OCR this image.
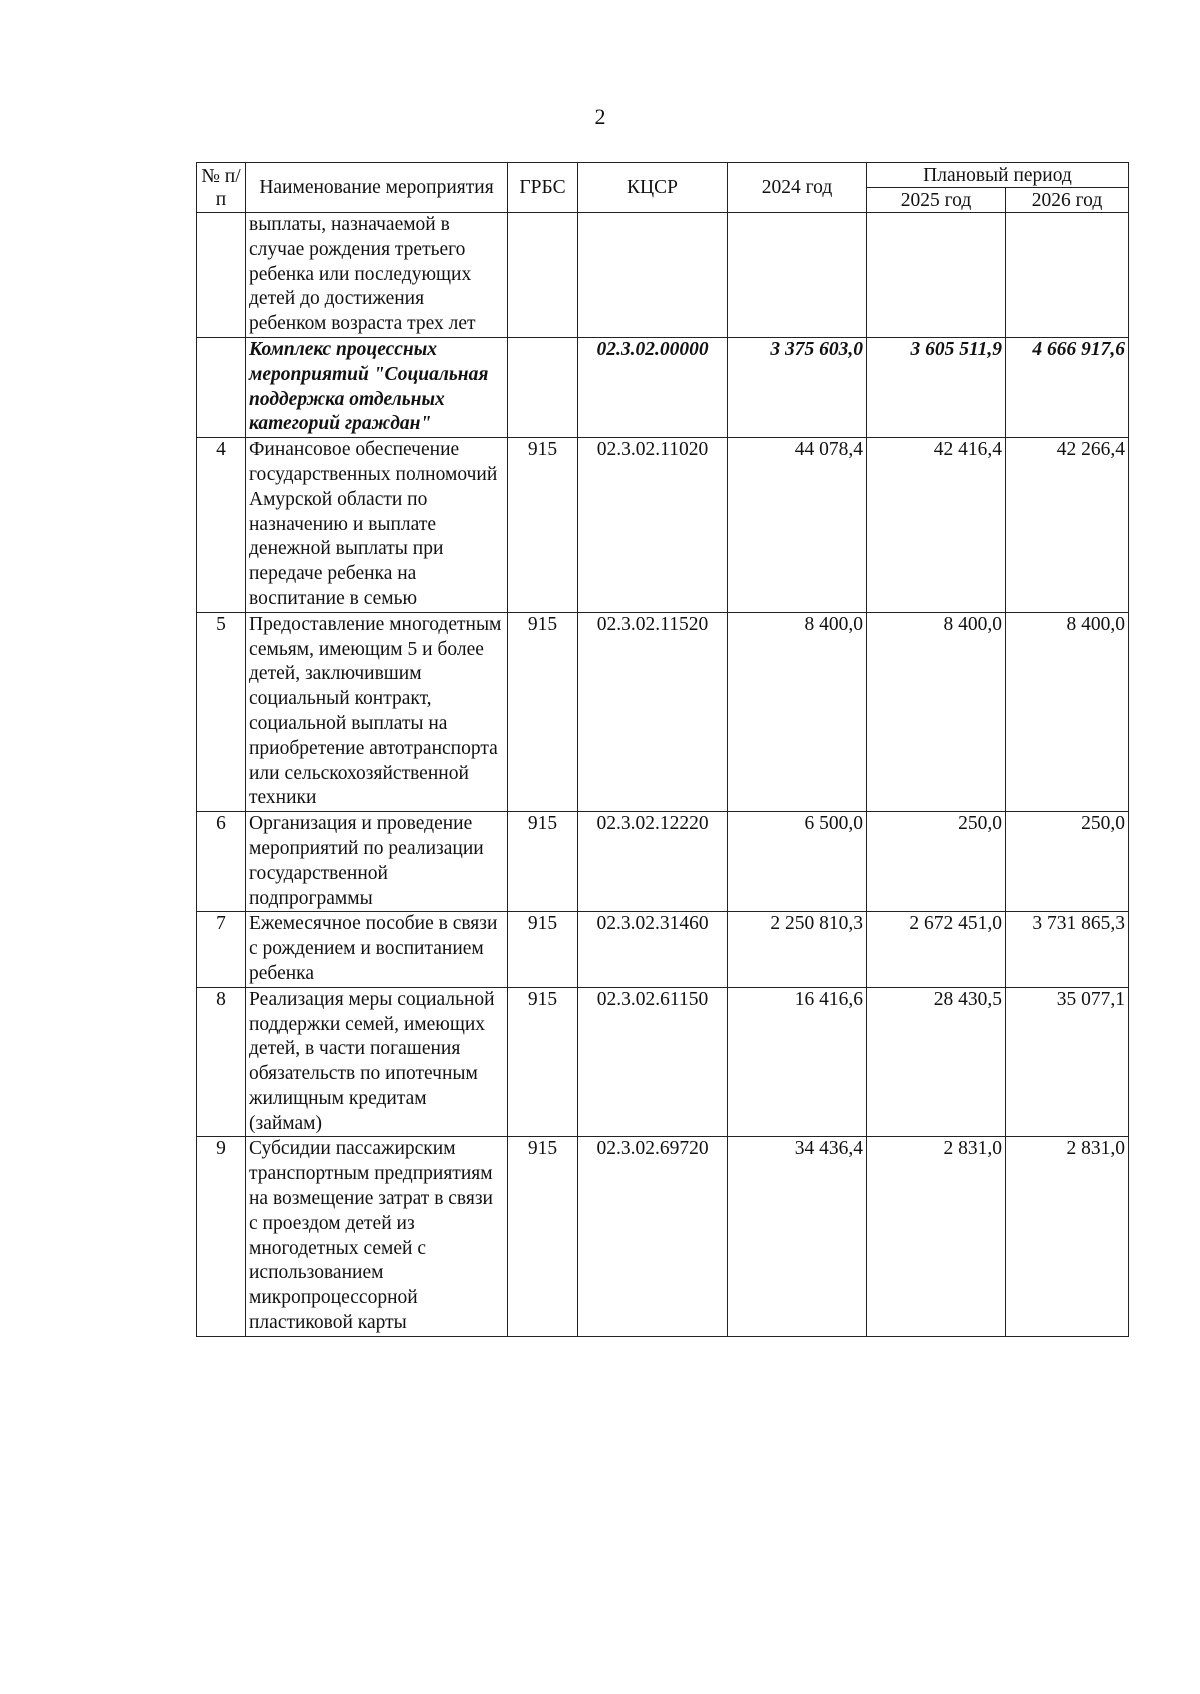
2
№ п/п	Наименование мероприятия	ГРБС	КЦСР	2024 год	Плановый период	
					2025 год	2026 год
	выплаты, назначаемой в случае рождения третьего ребенка или последующих детей до достижения ребенком возраста трех лет					
	Комплекс процессных мероприятий "Социальная поддержка отдельных категорий граждан"		02.3.02.00000	3 375 603,0	3 605 511,9	4 666 917,6
4	Финансовое обеспечение государственных полномочий Амурской области по назначению и выплате денежной выплаты при передаче ребенка на воспитание в семью	915	02.3.02.11020	44 078,4	42 416,4	42 266,4
5	Предоставление многодетным семьям, имеющим 5 и более детей, заключившим социальный контракт, социальной выплаты на приобретение автотранспорта или сельскохозяйственной техники	915	02.3.02.11520	8 400,0	8 400,0	8 400,0
6	Организация и проведение мероприятий по реализации государственной подпрограммы	915	02.3.02.12220	6 500,0	250,0	250,0
7	Ежемесячное пособие в связи с рождением и воспитанием ребенка	915	02.3.02.31460	2 250 810,3	2 672 451,0	3 731 865,3
8	Реализация меры социальной поддержки семей, имеющих детей, в части погашения обязательств по ипотечным жилищным кредитам (займам)	915	02.3.02.61150	16 416,6	28 430,5	35 077,1
9	Субсидии пассажирским транспортным предприятиям на возмещение затрат в связи с проездом детей из многодетных семей с использованием микропроцессорной пластиковой карты	915	02.3.02.69720	34 436,4	2 831,0	2 831,0
